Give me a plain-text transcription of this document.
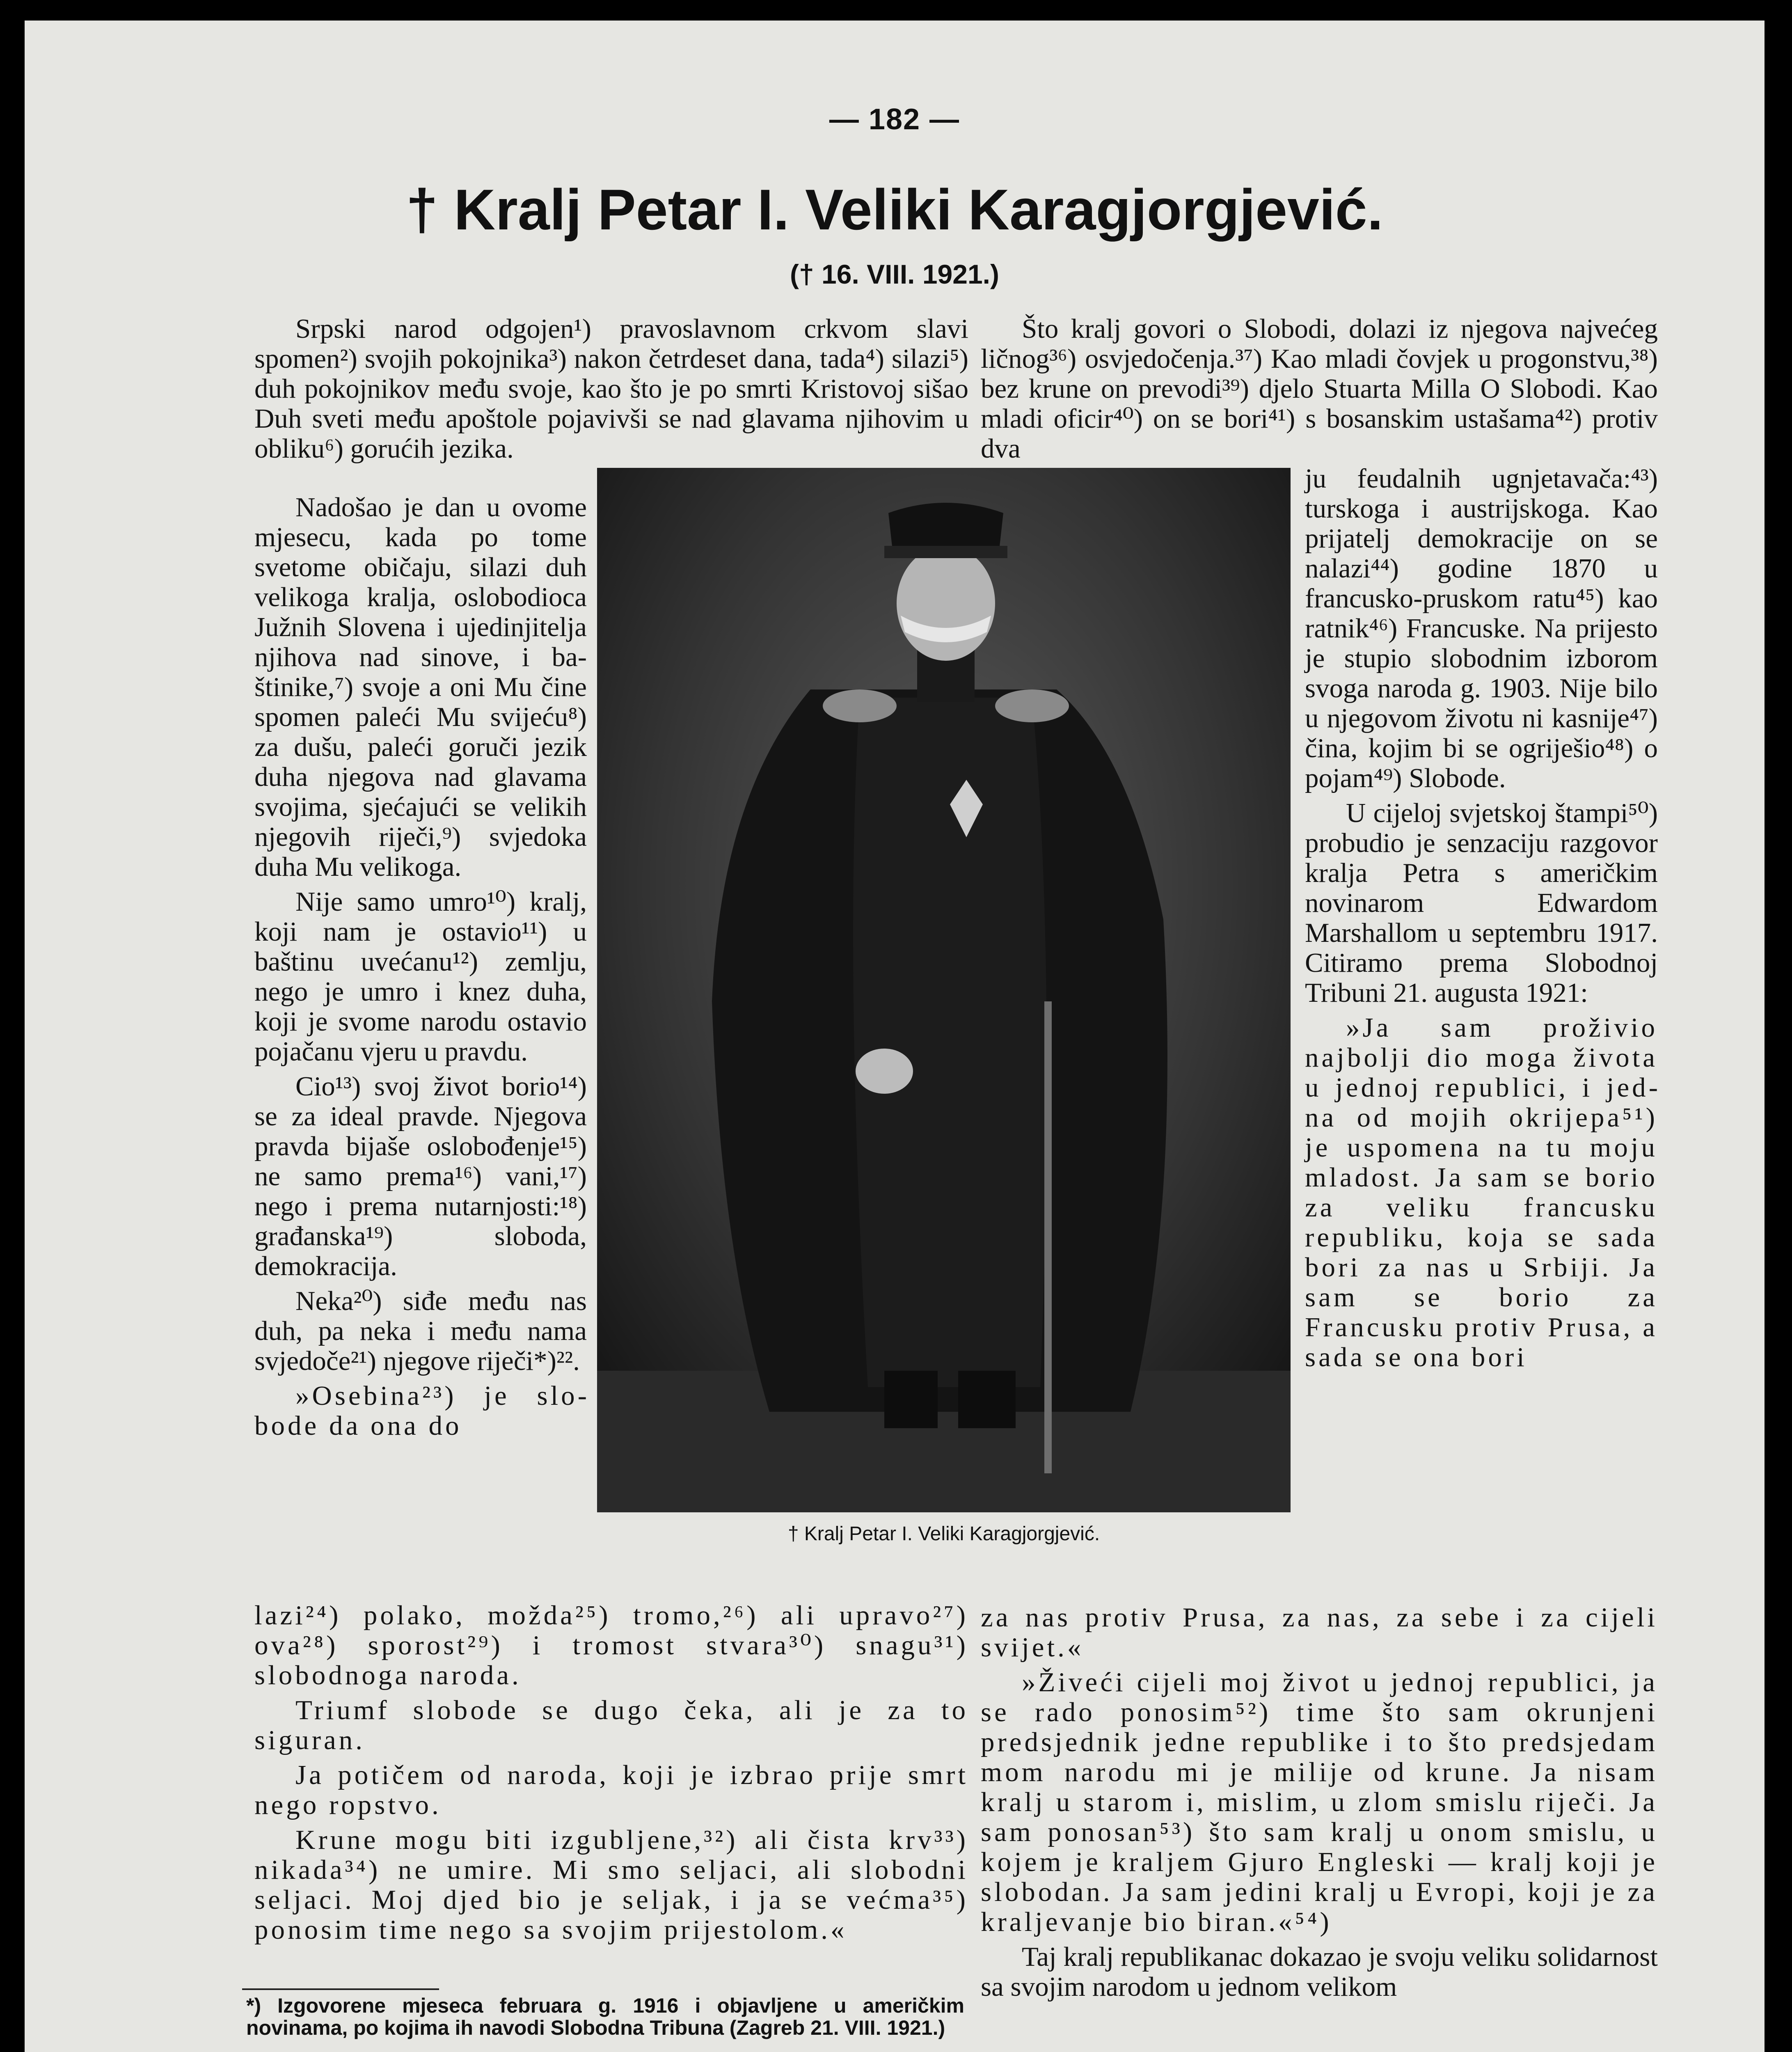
— 182 —
† Kralj Petar I. Veliki Karagjorgjević.
(† 16. VIII. 1921.)

Srpski narod odgojen¹) pravoslavnom crkvom slavi spomen²) svojih pokojnika³) nakon četrdeset dana, tada⁴) silazi⁵) duh pokojnikov među svoje, kao što je po smrti Kristovoj sišao Duh sveti među apoštole pojavivši se nad glavama njihovim u obliku⁶) gorućih jezika.

Nadošao je dan u ovome mjesecu, kada po tome svetome običaju, silazi duh velikoga kralja, oslobodioca Južnih Slovena i ujedinjitelja njihova nad sinove, i baštinike,⁷) svoje a oni Mu čine spomen paleći Mu svijeću⁸) za dušu, paleći goruči jezik duha njegova nad glavama svojima, sjećajući se velikih njegovih riječi,⁹) svjedoka duha Mu velikoga.

Nije samo umro¹⁰) kralj, koji nam je ostavio¹¹) u baštinu uvećanu¹²) zemlju, nego je umro i knez duha, koji je svome narodu ostavio pojačanu vjeru u pravdu.

Cio¹³) svoj život borio¹⁴) se za ideal pravde. Njegova pravda bijaše oslobođenje¹⁵) ne samo prema¹⁶) vani,¹⁷) nego i prema nutarnjosti:¹⁸) građanska¹⁹) sloboda, demokracija.

Neka²⁰) siđe među nas duh, pa neka i među nama svjedoče²¹) njegove riječi*)²².

»Osebina²³) je slobode da ona do

lazi²⁴) polako, možda²⁵) tromo,²⁶) ali upravo²⁷) ova²⁸) sporost²⁹) i tromost stvara³⁰) snagu³¹) slobodnoga naroda.

Triumf slobode se dugo čeka, ali je za to siguran.

Ja potičem od naroda, koji je izbrao prije smrt nego ropstvo.

Krune mogu biti izgubljene,³²) ali čista krv³³) nikada³⁴) ne umire. Mi smo seljaci, ali slobodni seljaci. Moj djed bio je seljak, i ja se većma³⁵) ponosim time nego sa svojim prijestolom.«

Što kralj govori o Slobodi, dolazi iz njegova najvećeg ličnog³⁶) osvjedočenja.³⁷) Kao mladi čovjek u progonstvu,³⁸) bez krune on prevodi³⁹) djelo Stuarta Milla O Slobodi. Kao mladi oficir⁴⁰) on se bori⁴¹) s bosanskim ustašama⁴²) protiv dva

ju feudalnih ugnjetavača:⁴³) turskoga i austrijskoga. Kao prijatelj demokracije on se nalazi⁴⁴) godine 1870 u francusko-pruskom ratu⁴⁵) kao ratnik⁴⁶) Francuske. Na prijesto je stupio slobodnim izborom svoga naroda g. 1903. Nije bilo u njegovom životu ni kasnije⁴⁷) čina, kojim bi se ogriješio⁴⁸) o pojam⁴⁹) Slobode.

U cijeloj svjetskoj štampi⁵⁰) probudio je senzaciju razgovor kralja Petra s američkim novinarom Edwardom Marshallom u septembru 1917. Citiramo prema Slobodnoj Tribuni 21. augusta 1921:

»Ja sam proživio najbolji dio moga života u jednoj republici, i jedna od mojih okrijepa⁵¹) je uspomena na tu moju mladost. Ja sam se borio za veliku francusku republiku, koja se sada bori za nas u Srbiji. Ja sam se borio za Francusku protiv Prusa, a sada se ona bori

za nas protiv Prusa, za nas, za sebe i za cijeli svijet.«

»Živeći cijeli moj život u jednoj republici, ja se rado ponosim⁵²) time što sam okrunjeni predsjednik jedne republike i to što predsjedam mom narodu mi je milije od krune. Ja nisam kralj u starom i, mislim, u zlom smislu riječi. Ja sam ponosan⁵³) što sam kralj u onom smislu, u kojem je kraljem Gjuro Engleski — kralj koji je slobodan. Ja sam jedini kralj u Evropi, koji je za kraljevanje bio biran.«⁵⁴)

Taj kralj republikanac dokazao je svoju veliku solidarnost sa svojim narodom u jednom velikom

† Kralj Petar I. Veliki Karagjorgjević.
*) Izgovorene mjeseca februara g. 1916 i objavljene u američkim novinama, po kojima ih navodi Slobodna Tribuna (Zagreb 21. VIII. 1921.)
